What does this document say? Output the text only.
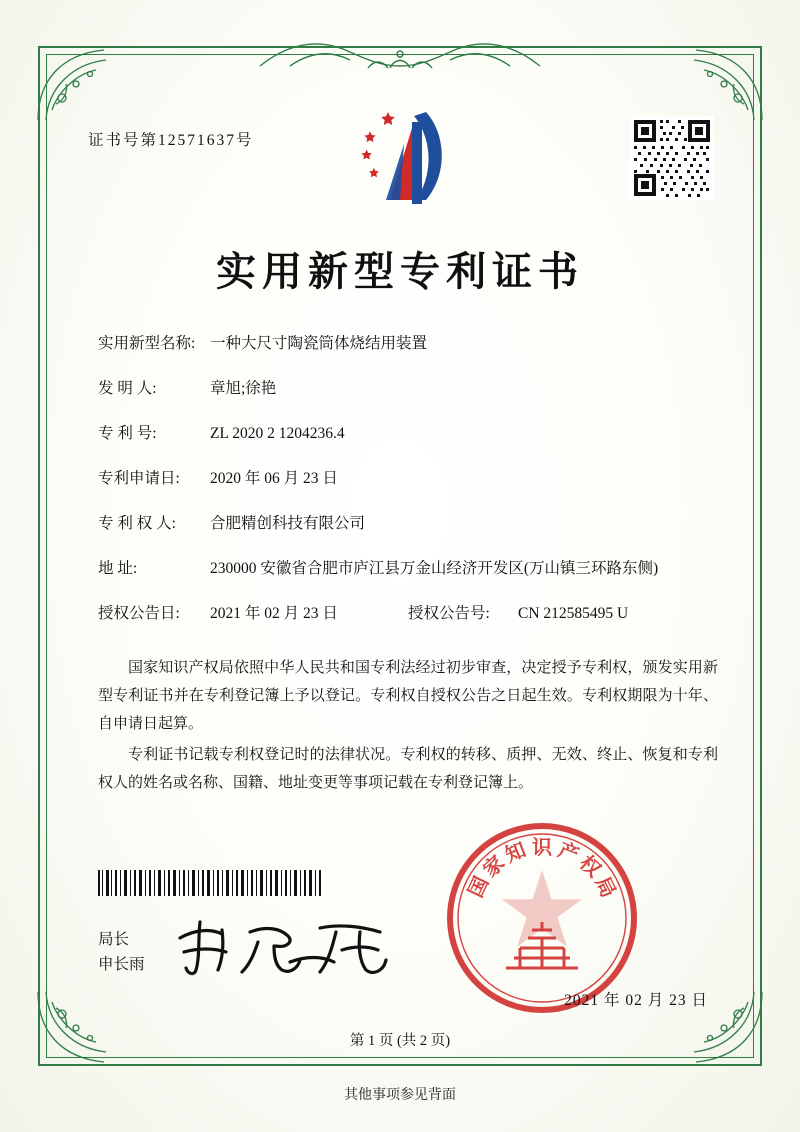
证书号第12571637号
实用新型专利证书
实用新型名称: 一种大尺寸陶瓷筒体烧结用装置
发 明 人:	章旭;徐艳
专 利 号:	ZL 2020 2 1204236.4
专利申请日:	2020 年 06 月 23 日
专 利 权 人:	合肥精创科技有限公司
地 址:	230000 安徽省合肥市庐江县万金山经济开发区(万山镇三环路东侧)
授权公告日:	2021 年 02 月 23 日	授权公告号:	CN 212585495 U

国家知识产权局依照中华人民共和国专利法经过初步审查，决定授予专利权，颁发实用新型专利证书并在专利登记簿上予以登记。专利权自授权公告之日起生效。专利权期限为十年、自申请日起算。

专利证书记载专利权登记时的法律状况。专利权的转移、质押、无效、终止、恢复和专利权人的姓名或名称、国籍、地址变更等事项记载在专利登记簿上。

局长
申长雨
国
家
知 识 产
权
局
2021 年 02 月 23 日
第 1 页 (共 2 页)
其他事项参见背面
